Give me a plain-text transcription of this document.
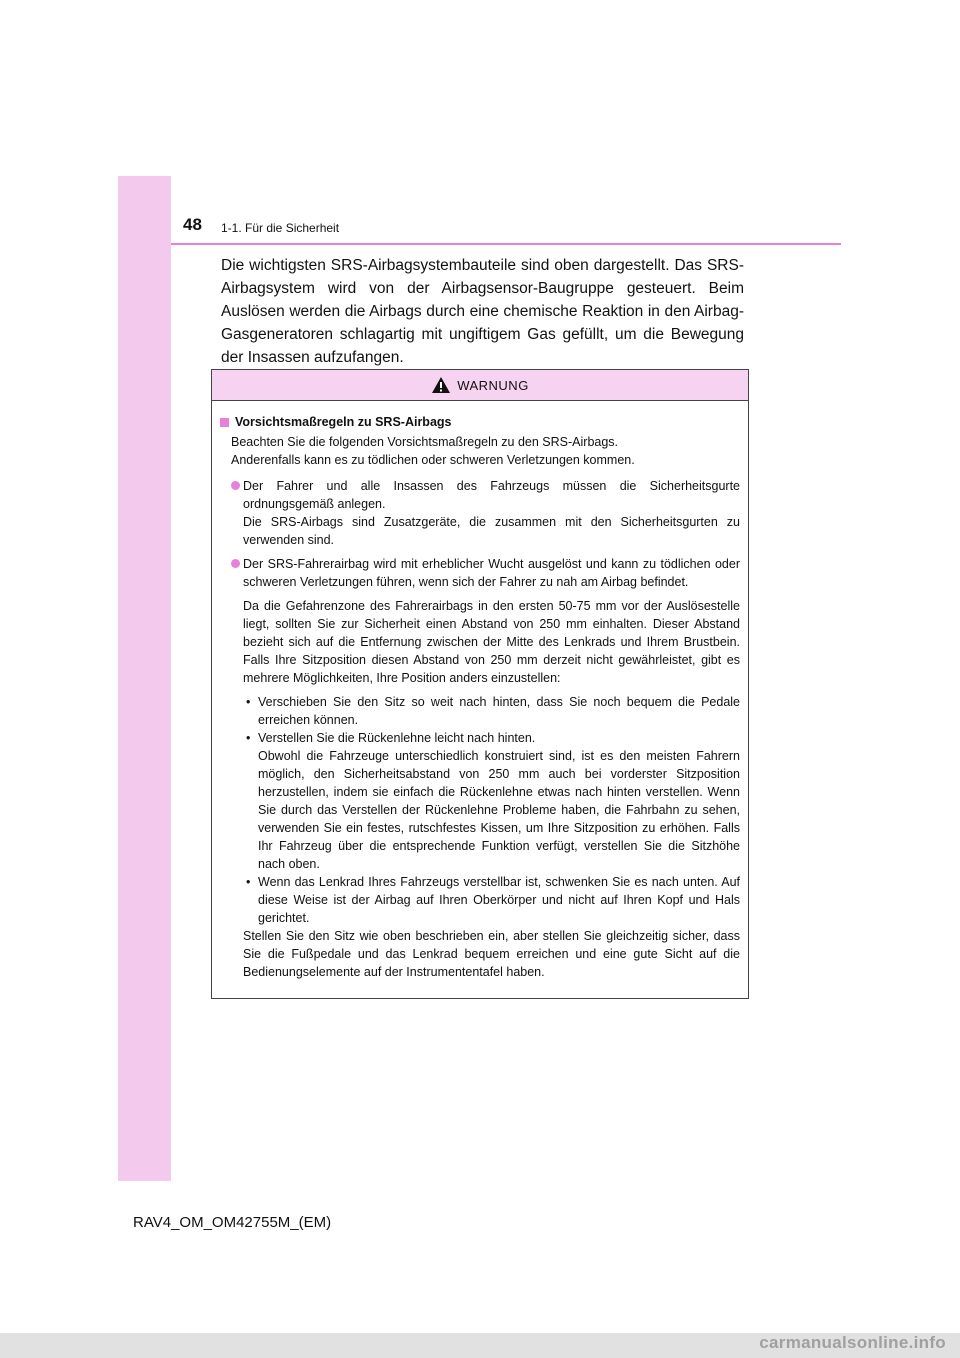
48 1-1. Für die Sicherheit

Die wichtigsten SRS-Airbagsystembauteile sind oben dargestellt. Das SRS-Airbagsystem wird von der Airbagsensor-Baugruppe gesteuert. Beim Auslösen werden die Airbags durch eine chemische Reaktion in den Airbag-Gasgeneratoren schlagartig mit ungiftigem Gas gefüllt, um die Bewegung der Insassen aufzufangen.

WARNUNG
Vorsichtsmaßregeln zu SRS-Airbags
Beachten Sie die folgenden Vorsichtsmaßregeln zu den SRS-Airbags.
Anderenfalls kann es zu tödlichen oder schweren Verletzungen kommen.
Der Fahrer und alle Insassen des Fahrzeugs müssen die Sicherheitsgurte ordnungsgemäß anlegen.
Die SRS-Airbags sind Zusatzgeräte, die zusammen mit den Sicherheitsgurten zu verwenden sind.
Der SRS-Fahrerairbag wird mit erheblicher Wucht ausgelöst und kann zu tödlichen oder schweren Verletzungen führen, wenn sich der Fahrer zu nah am Airbag befindet.
Da die Gefahrenzone des Fahrerairbags in den ersten 50-75 mm vor der Auslösestelle liegt, sollten Sie zur Sicherheit einen Abstand von 250 mm einhalten. Dieser Abstand bezieht sich auf die Entfernung zwischen der Mitte des Lenkrads und Ihrem Brustbein. Falls Ihre Sitzposition diesen Abstand von 250 mm derzeit nicht gewährleistet, gibt es mehrere Möglichkeiten, Ihre Position anders einzustellen:
• Verschieben Sie den Sitz so weit nach hinten, dass Sie noch bequem die Pedale erreichen können.
• Verstellen Sie die Rückenlehne leicht nach hinten.
Obwohl die Fahrzeuge unterschiedlich konstruiert sind, ist es den meisten Fahrern möglich, den Sicherheitsabstand von 250 mm auch bei vorderster Sitzposition herzustellen, indem sie einfach die Rückenlehne etwas nach hinten verstellen. Wenn Sie durch das Verstellen der Rückenlehne Probleme haben, die Fahrbahn zu sehen, verwenden Sie ein festes, rutschfestes Kissen, um Ihre Sitzposition zu erhöhen. Falls Ihr Fahrzeug über die entsprechende Funktion verfügt, verstellen Sie die Sitzhöhe nach oben.
• Wenn das Lenkrad Ihres Fahrzeugs verstellbar ist, schwenken Sie es nach unten. Auf diese Weise ist der Airbag auf Ihren Oberkörper und nicht auf Ihren Kopf und Hals gerichtet.
Stellen Sie den Sitz wie oben beschrieben ein, aber stellen Sie gleichzeitig sicher, dass Sie die Fußpedale und das Lenkrad bequem erreichen und eine gute Sicht auf die Bedienungselemente auf der Instrumententafel haben.
RAV4_OM_OM42755M_(EM)
carmanualsonline.info
